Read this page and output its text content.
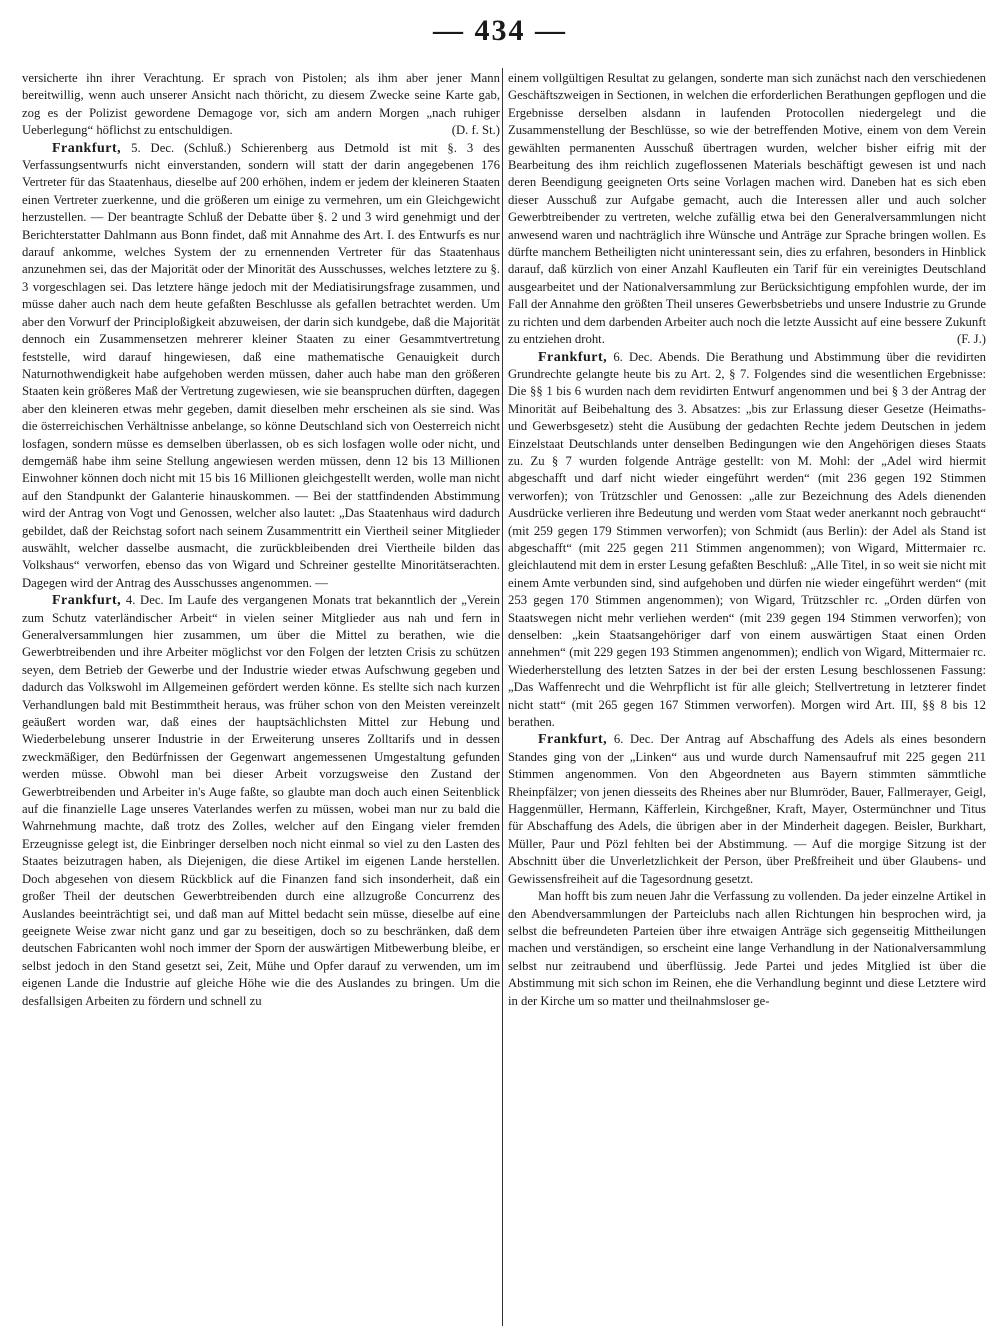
— 434 —

versicherte ihn ihrer Verachtung. Er sprach von Pistolen; als ihm aber jener Mann bereitwillig, wenn auch unserer Ansicht nach thöricht, zu diesem Zwecke seine Karte gab, zog es der Polizist gewordene Demagoge vor, sich am andern Morgen „nach ruhiger Ueberlegung“ höflichst zu entschuldigen.	(D. f. St.)

Frankfurt, 5. Dec. (Schluß.) Schierenberg aus Detmold ist mit §. 3 des Verfassungsentwurfs nicht einverstanden, sondern will statt der darin angegebenen 176 Vertreter für das Staatenhaus, dieselbe auf 200 erhöhen, indem er jedem der kleineren Staaten einen Vertreter zuerkenne, und die größeren um einige zu vermehren, um ein Gleichgewicht herzustellen. — Der beantragte Schluß der Debatte über §. 2 und 3 wird genehmigt und der Berichterstatter Dahlmann aus Bonn findet, daß mit Annahme des Art. I. des Entwurfs es nur darauf ankomme, welches System der zu ernennenden Vertreter für das Staatenhaus anzunehmen sei, das der Majorität oder der Minorität des Ausschusses, welches letztere zu §. 3 vorgeschlagen sei. Das letztere hänge jedoch mit der Mediatisirungsfrage zusammen, und müsse daher auch nach dem heute gefaßten Beschlusse als gefallen betrachtet werden. Um aber den Vorwurf der Principloßigkeit abzuweisen, der darin sich kundgebe, daß die Majorität dennoch ein Zusammensetzen mehrerer kleiner Staaten zu einer Gesammtvertretung feststelle, wird darauf hingewiesen, daß eine mathematische Genauigkeit durch Naturnothwendigkeit habe aufgehoben werden müssen, daher auch habe man den größeren Staaten kein größeres Maß der Vertretung zugewiesen, wie sie beanspruchen dürften, dagegen aber den kleineren etwas mehr gegeben, damit dieselben mehr erscheinen als sie sind. Was die österreichischen Verhältnisse anbelange, so könne Deutschland sich von Oesterreich nicht losfagen, sondern müsse es demselben überlassen, ob es sich losfagen wolle oder nicht, und demgemäß habe ihm seine Stellung angewiesen werden müssen, denn 12 bis 13 Millionen Einwohner können doch nicht mit 15 bis 16 Millionen gleichgestellt werden, wolle man nicht auf den Standpunkt der Galanterie hinauskommen. — Bei der stattfindenden Abstimmung wird der Antrag von Vogt und Genossen, welcher also lautet: „Das Staatenhaus wird dadurch gebildet, daß der Reichstag sofort nach seinem Zusammentritt ein Viertheil seiner Mitglieder auswählt, welcher dasselbe ausmacht, die zurückbleibenden drei Viertheile bilden das Volkshaus“ verworfen, ebenso das von Wigard und Schreiner gestellte Minoritätserachten. Dagegen wird der Antrag des Ausschusses angenommen. —

Frankfurt, 4. Dec. Im Laufe des vergangenen Monats trat bekanntlich der „Verein zum Schutz vaterländischer Arbeit“ in vielen seiner Mitglieder aus nah und fern in Generalversammlungen hier zusammen, um über die Mittel zu berathen, wie die Gewerbtreibenden und ihre Arbeiter möglichst vor den Folgen der letzten Crisis zu schützen seyen, dem Betrieb der Gewerbe und der Industrie wieder etwas Aufschwung gegeben und dadurch das Volkswohl im Allgemeinen gefördert werden könne. Es stellte sich nach kurzen Verhandlungen bald mit Bestimmtheit heraus, was früher schon von den Meisten vereinzelt geäußert worden war, daß eines der hauptsächlichsten Mittel zur Hebung und Wiederbelebung unserer Industrie in der Erweiterung unseres Zolltarifs und in dessen zweckmäßiger, den Bedürfnissen der Gegenwart angemessenen Umgestaltung gefunden werden müsse. Obwohl man bei dieser Arbeit vorzugsweise den Zustand der Gewerbtreibenden und Arbeiter in's Auge faßte, so glaubte man doch auch einen Seitenblick auf die finanzielle Lage unseres Vaterlandes werfen zu müssen, wobei man nur zu bald die Wahrnehmung machte, daß trotz des Zolles, welcher auf den Eingang vieler fremden Erzeugnisse gelegt ist, die Einbringer derselben noch nicht einmal so viel zu den Lasten des Staates beizutragen haben, als Diejenigen, die diese Artikel im eigenen Lande herstellen. Doch abgesehen von diesem Rückblick auf die Finanzen fand sich insonderheit, daß ein großer Theil der deutschen Gewerbtreibenden durch eine allzugroße Concurrenz des Auslandes beeinträchtigt sei, und daß man auf Mittel bedacht sein müsse, dieselbe auf eine geeignete Weise zwar nicht ganz und gar zu beseitigen, doch so zu beschränken, daß dem deutschen Fabricanten wohl noch immer der Sporn der auswärtigen Mitbewerbung bleibe, er selbst jedoch in den Stand gesetzt sei, Zeit, Mühe und Opfer darauf zu verwenden, um im eigenen Lande die Industrie auf gleiche Höhe wie die des Auslandes zu bringen. Um die desfallsigen Arbeiten zu fördern und schnell zu

einem vollgültigen Resultat zu gelangen, sonderte man sich zunächst nach den verschiedenen Geschäftszweigen in Sectionen, in welchen die erforderlichen Berathungen gepflogen und die Ergebnisse derselben alsdann in laufenden Protocollen niedergelegt und die Zusammenstellung der Beschlüsse, so wie der betreffenden Motive, einem von dem Verein gewählten permanenten Ausschuß übertragen wurden, welcher bisher eifrig mit der Bearbeitung des ihm reichlich zugeflossenen Materials beschäftigt gewesen ist und nach deren Beendigung geeigneten Orts seine Vorlagen machen wird. Daneben hat es sich eben dieser Ausschuß zur Aufgabe gemacht, auch die Interessen aller und auch solcher Gewerbtreibender zu vertreten, welche zufällig etwa bei den Generalversammlungen nicht anwesend waren und nachträglich ihre Wünsche und Anträge zur Sprache bringen wollen. Es dürfte manchem Betheiligten nicht uninteressant sein, dies zu erfahren, besonders in Hinblick darauf, daß kürzlich von einer Anzahl Kaufleuten ein Tarif für ein vereinigtes Deutschland ausgearbeitet und der Nationalversammlung zur Berücksichtigung empfohlen wurde, der im Fall der Annahme den größten Theil unseres Gewerbsbetriebs und unsere Industrie zu Grunde zu richten und dem darbenden Arbeiter auch noch die letzte Aussicht auf eine bessere Zukunft zu entziehen droht.	(F. J.)

Frankfurt, 6. Dec. Abends. Die Berathung und Abstimmung über die revidirten Grundrechte gelangte heute bis zu Art. 2, § 7. Folgendes sind die wesentlichen Ergebnisse: Die §§ 1 bis 6 wurden nach dem revidirten Entwurf angenommen und bei § 3 der Antrag der Minorität auf Beibehaltung des 3. Absatzes: „bis zur Erlassung dieser Gesetze (Heimaths- und Gewerbsgesetz) steht die Ausübung der gedachten Rechte jedem Deutschen in jedem Einzelstaat Deutschlands unter denselben Bedingungen wie den Angehörigen dieses Staats zu. Zu § 7 wurden folgende Anträge gestellt: von M. Mohl: der „Adel wird hiermit abgeschafft und darf nicht wieder eingeführt werden“ (mit 236 gegen 192 Stimmen verworfen); von Trützschler und Genossen: „alle zur Bezeichnung des Adels dienenden Ausdrücke verlieren ihre Bedeutung und werden vom Staat weder anerkannt noch gebraucht“ (mit 259 gegen 179 Stimmen verworfen); von Schmidt (aus Berlin): der Adel als Stand ist abgeschafft“ (mit 225 gegen 211 Stimmen angenommen); von Wigard, Mittermaier rc. gleichlautend mit dem in erster Lesung gefaßten Beschluß: „Alle Titel, in so weit sie nicht mit einem Amte verbunden sind, sind aufgehoben und dürfen nie wieder eingeführt werden“ (mit 253 gegen 170 Stimmen angenommen); von Wigard, Trützschler rc. „Orden dürfen von Staatswegen nicht mehr verliehen werden“ (mit 239 gegen 194 Stimmen verworfen); von denselben: „kein Staatsangehöriger darf von einem auswärtigen Staat einen Orden annehmen“ (mit 229 gegen 193 Stimmen angenommen); endlich von Wigard, Mittermaier rc. Wiederherstellung des letzten Satzes in der bei der ersten Lesung beschlossenen Fassung: „Das Waffenrecht und die Wehrpflicht ist für alle gleich; Stellvertretung in letzterer findet nicht statt“ (mit 265 gegen 167 Stimmen verworfen). Morgen wird Art. III, §§ 8 bis 12 berathen.

Frankfurt, 6. Dec. Der Antrag auf Abschaffung des Adels als eines besondern Standes ging von der „Linken“ aus und wurde durch Namensaufruf mit 225 gegen 211 Stimmen angenommen. Von den Abgeordneten aus Bayern stimmten sämmtliche Rheinpfälzer; von jenen diesseits des Rheines aber nur Blumröder, Bauer, Fallmerayer, Geigl, Haggenmüller, Hermann, Käfferlein, Kirchgeßner, Kraft, Mayer, Ostermünchner und Titus für Abschaffung des Adels, die übrigen aber in der Minderheit dagegen. Beisler, Burkhart, Müller, Paur und Pözl fehlten bei der Abstimmung. — Auf die morgige Sitzung ist der Abschnitt über die Unverletzlichkeit der Person, über Preßfreiheit und über Glaubens- und Gewissensfreiheit auf die Tagesordnung gesetzt.

Man hofft bis zum neuen Jahr die Verfassung zu vollenden. Da jeder einzelne Artikel in den Abendversammlungen der Parteiclubs nach allen Richtungen hin besprochen wird, ja selbst die befreundeten Parteien über ihre etwaigen Anträge sich gegenseitig Mittheilungen machen und verständigen, so erscheint eine lange Verhandlung in der Nationalversammlung selbst nur zeitraubend und überflüssig. Jede Partei und jedes Mitglied ist über die Abstimmung mit sich schon im Reinen, ehe die Verhandlung beginnt und diese Letztere wird in der Kirche um so matter und theilnahmsloser ge-
